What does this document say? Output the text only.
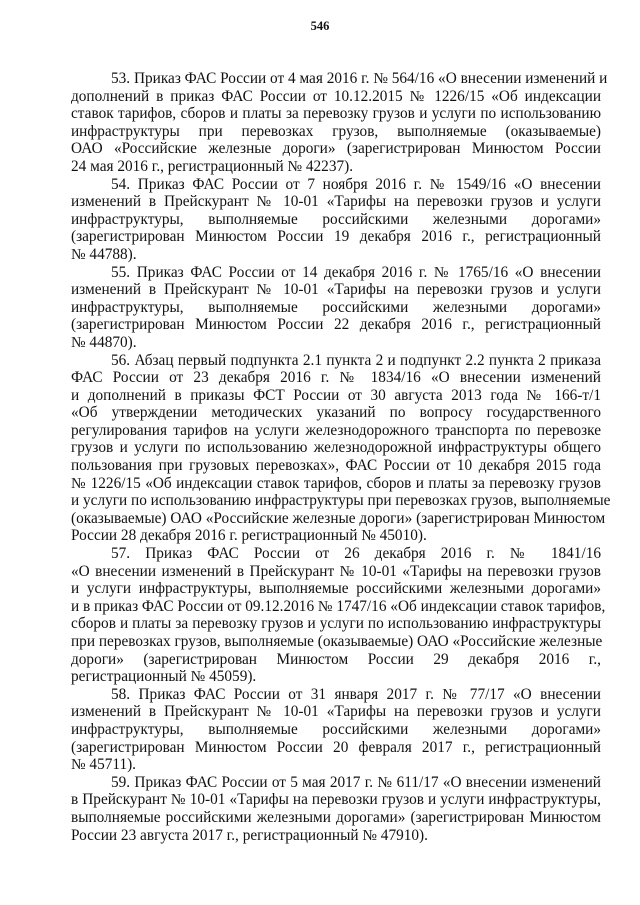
546

53. Приказ ФАС России от 4 мая 2016 г. № 564/16 «О внесении изменений и
дополнений в приказ ФАС России от 10.12.2015 № 1226/15 «Об индексации
ставок тарифов, сборов и платы за перевозку грузов и услуги по использованию
инфраструктуры при перевозках грузов, выполняемые (оказываемые)
ОАО «Российские железные дороги» (зарегистрирован Минюстом России
24 мая 2016 г., регистрационный № 42237).

54. Приказ ФАС России от 7 ноября 2016 г. № 1549/16 «О внесении
изменений в Прейскурант № 10-01 «Тарифы на перевозки грузов и услуги
инфраструктуры, выполняемые российскими железными дорогами»
(зарегистрирован Минюстом России 19 декабря 2016 г., регистрационный
№ 44788).

55. Приказ ФАС России от 14 декабря 2016 г. № 1765/16 «О внесении
изменений в Прейскурант № 10-01 «Тарифы на перевозки грузов и услуги
инфраструктуры, выполняемые российскими железными дорогами»
(зарегистрирован Минюстом России 22 декабря 2016 г., регистрационный
№ 44870).

56. Абзац первый подпункта 2.1 пункта 2 и подпункт 2.2 пункта 2 приказа
ФАС России от 23 декабря 2016 г. № 1834/16 «О внесении изменений
и дополнений в приказы ФСТ России от 30 августа 2013 года № 166-т/1
«Об утверждении методических указаний по вопросу государственного
регулирования тарифов на услуги железнодорожного транспорта по перевозке
грузов и услуги по использованию железнодорожной инфраструктуры общего
пользования при грузовых перевозках», ФАС России от 10 декабря 2015 года
№ 1226/15 «Об индексации ставок тарифов, сборов и платы за перевозку грузов
и услуги по использованию инфраструктуры при перевозках грузов, выполняемые
(оказываемые) ОАО «Российские железные дороги» (зарегистрирован Минюстом
России 28 декабря 2016 г. регистрационный № 45010).

57. Приказ ФАС России от 26 декабря 2016 г. № 1841/16
«О внесении изменений в Прейскурант № 10-01 «Тарифы на перевозки грузов
и услуги инфраструктуры, выполняемые российскими железными дорогами»
и в приказ ФАС России от 09.12.2016 № 1747/16 «Об индексации ставок тарифов,
сборов и платы за перевозку грузов и услуги по использованию инфраструктуры
при перевозках грузов, выполняемые (оказываемые) ОАО «Российские железные
дороги» (зарегистрирован Минюстом России 29 декабря 2016 г.,
регистрационный № 45059).

58. Приказ ФАС России от 31 января 2017 г. № 77/17 «О внесении
изменений в Прейскурант № 10-01 «Тарифы на перевозки грузов и услуги
инфраструктуры, выполняемые российскими железными дорогами»
(зарегистрирован Минюстом России 20 февраля 2017 г., регистрационный
№ 45711).

59. Приказ ФАС России от 5 мая 2017 г. № 611/17 «О внесении изменений
в Прейскурант № 10-01 «Тарифы на перевозки грузов и услуги инфраструктуры,
выполняемые российскими железными дорогами» (зарегистрирован Минюстом
России 23 августа 2017 г., регистрационный № 47910).
